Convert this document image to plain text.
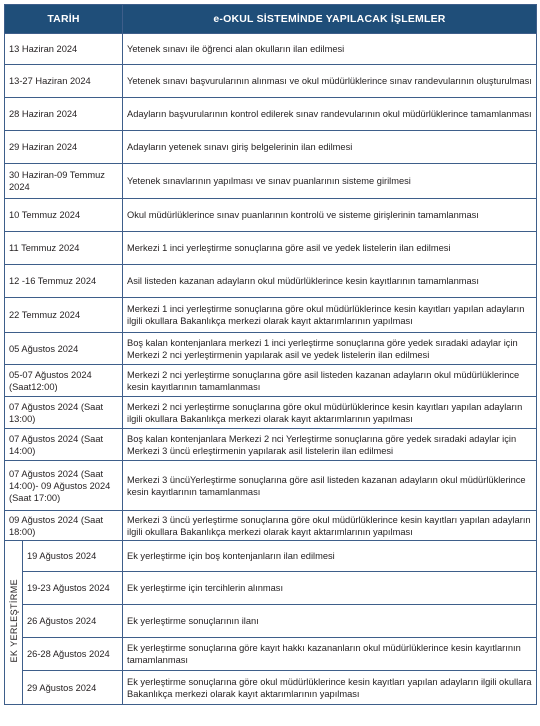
TARİH		e-OKUL SİSTEMİNDE YAPILACAK İŞLEMLER
13 Haziran 2024		Yetenek sınavı ile öğrenci alan okulların ilan edilmesi
13-27 Haziran 2024		Yetenek sınavı başvurularının alınması ve okul müdürlüklerince sınav randevularının oluşturulması
28 Haziran 2024		Adayların başvurularının kontrol edilerek sınav randevularının okul müdürlüklerince tamamlanması
29 Haziran 2024		Adayların yetenek sınavı giriş belgelerinin ilan edilmesi
30 Haziran-09 Temmuz 2024		Yetenek sınavlarının yapılması ve sınav puanlarının sisteme girilmesi
10 Temmuz 2024		Okul müdürlüklerince sınav puanlarının kontrolü ve sisteme girişlerinin tamamlanması
11 Temmuz 2024		Merkezi 1 inci yerleştirme sonuçlarına göre asil ve yedek listelerin ilan edilmesi
12 -16 Temmuz 2024		Asil listeden kazanan adayların okul müdürlüklerince kesin kayıtlarının tamamlanması
22 Temmuz 2024		Merkezi 1 inci yerleştirme sonuçlarına göre okul müdürlüklerince kesin kayıtları yapılan adayların ilgili okullara Bakanlıkça merkezi olarak kayıt aktarımlarının yapılması
05 Ağustos 2024		Boş kalan kontenjanlara merkezi 1 inci yerleştirme sonuçlarına göre yedek sıradaki adaylar için Merkezi 2 nci yerleştirmenin yapılarak asil ve yedek listelerin ilan edilmesi
05-07 Ağustos 2024 (Saat12:00)		Merkezi 2 nci yerleştirme sonuçlarına göre asil listeden kazanan adayların okul müdürlüklerince kesin kayıtlarının tamamlanması
07 Ağustos 2024 (Saat 13:00)		Merkezi 2 nci yerleştirme sonuçlarına göre okul müdürlüklerince kesin kayıtları yapılan adayların ilgili okullara Bakanlıkça merkezi olarak kayıt aktarımlarının yapılması
07 Ağustos 2024 (Saat 14:00)		Boş kalan kontenjanlara Merkezi 2 nci Yerleştirme sonuçlarına göre yedek sıradaki adaylar için Merkezi 3 üncü erleştirmenin yapılarak asil listelerin ilan edilmesi
07 Ağustos 2024 (Saat 14:00)- 09 Ağustos 2024 (Saat 17:00)		Merkezi 3 üncüYerleştirme sonuçlarına göre asil listeden kazanan adayların okul müdürlüklerince kesin kayıtlarının tamamlanması
09 Ağustos 2024 (Saat 18:00)		Merkezi 3 üncü yerleştirme sonuçlarına göre okul müdürlüklerince kesin kayıtları yapılan adayların ilgili okullara Bakanlıkça merkezi olarak kayıt aktarımlarının yapılması
EK YERLEŞTİRME	19 Ağustos 2024	Ek yerleştirme için boş kontenjanların ilan edilmesi
	19-23 Ağustos 2024	Ek yerleştirme için tercihlerin alınması
	26 Ağustos 2024	Ek yerleştirme sonuçlarının ilanı
	26-28 Ağustos 2024	Ek yerleştirme sonuçlarına göre kayıt hakkı kazananların okul müdürlüklerince kesin kayıtlarının tamamlanması
	29 Ağustos 2024	Ek yerleştirme sonuçlarına göre okul müdürlüklerince kesin kayıtları yapılan adayların ilgili okullara Bakanlıkça merkezi olarak kayıt aktarımlarının yapılması
